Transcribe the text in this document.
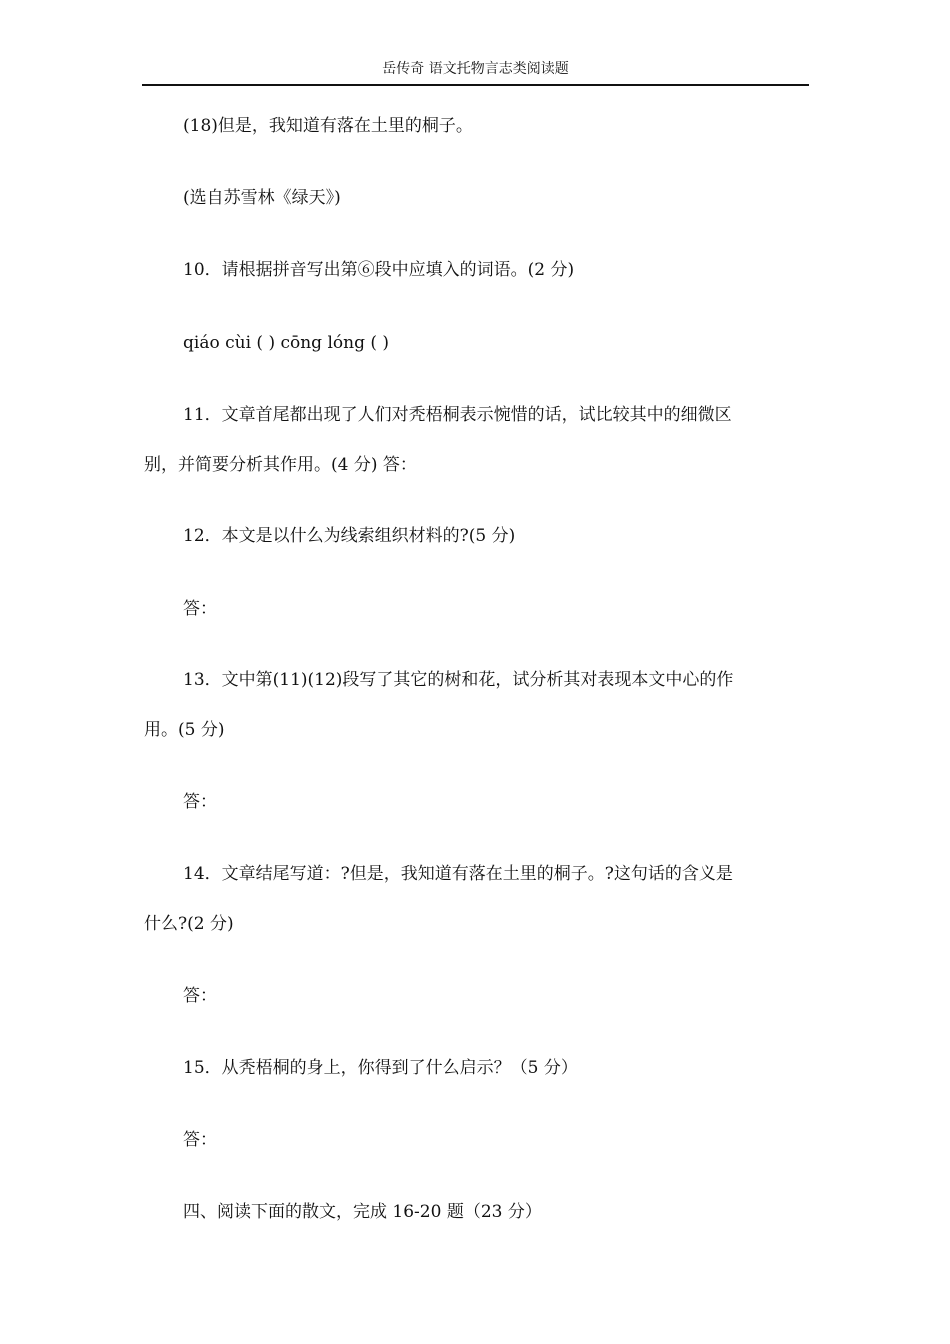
岳传奇 语文托物言志类阅读题
(18)但是，我知道有落在土里的桐子。
(选自苏雪林《绿天》)
10．请根据拼音写出第⑥段中应填入的词语。(2 分)
qiáo cùi ( ) cōng lóng ( )
11．文章首尾都出现了人们对秃梧桐表示惋惜的话，试比较其中的细微区
别，并简要分析其作用。(4 分) 答：
12．本文是以什么为线索组织材料的?(5 分)
答：
13．文中第(11)(12)段写了其它的树和花，试分析其对表现本文中心的作
用。(5 分)
答：
14．文章结尾写道：?但是，我知道有落在土里的桐子。?这句话的含义是
什么?(2 分)
答：
15．从秃梧桐的身上，你得到了什么启示？（5 分）
答：
四、阅读下面的散文，完成 16-20 题（23 分）
